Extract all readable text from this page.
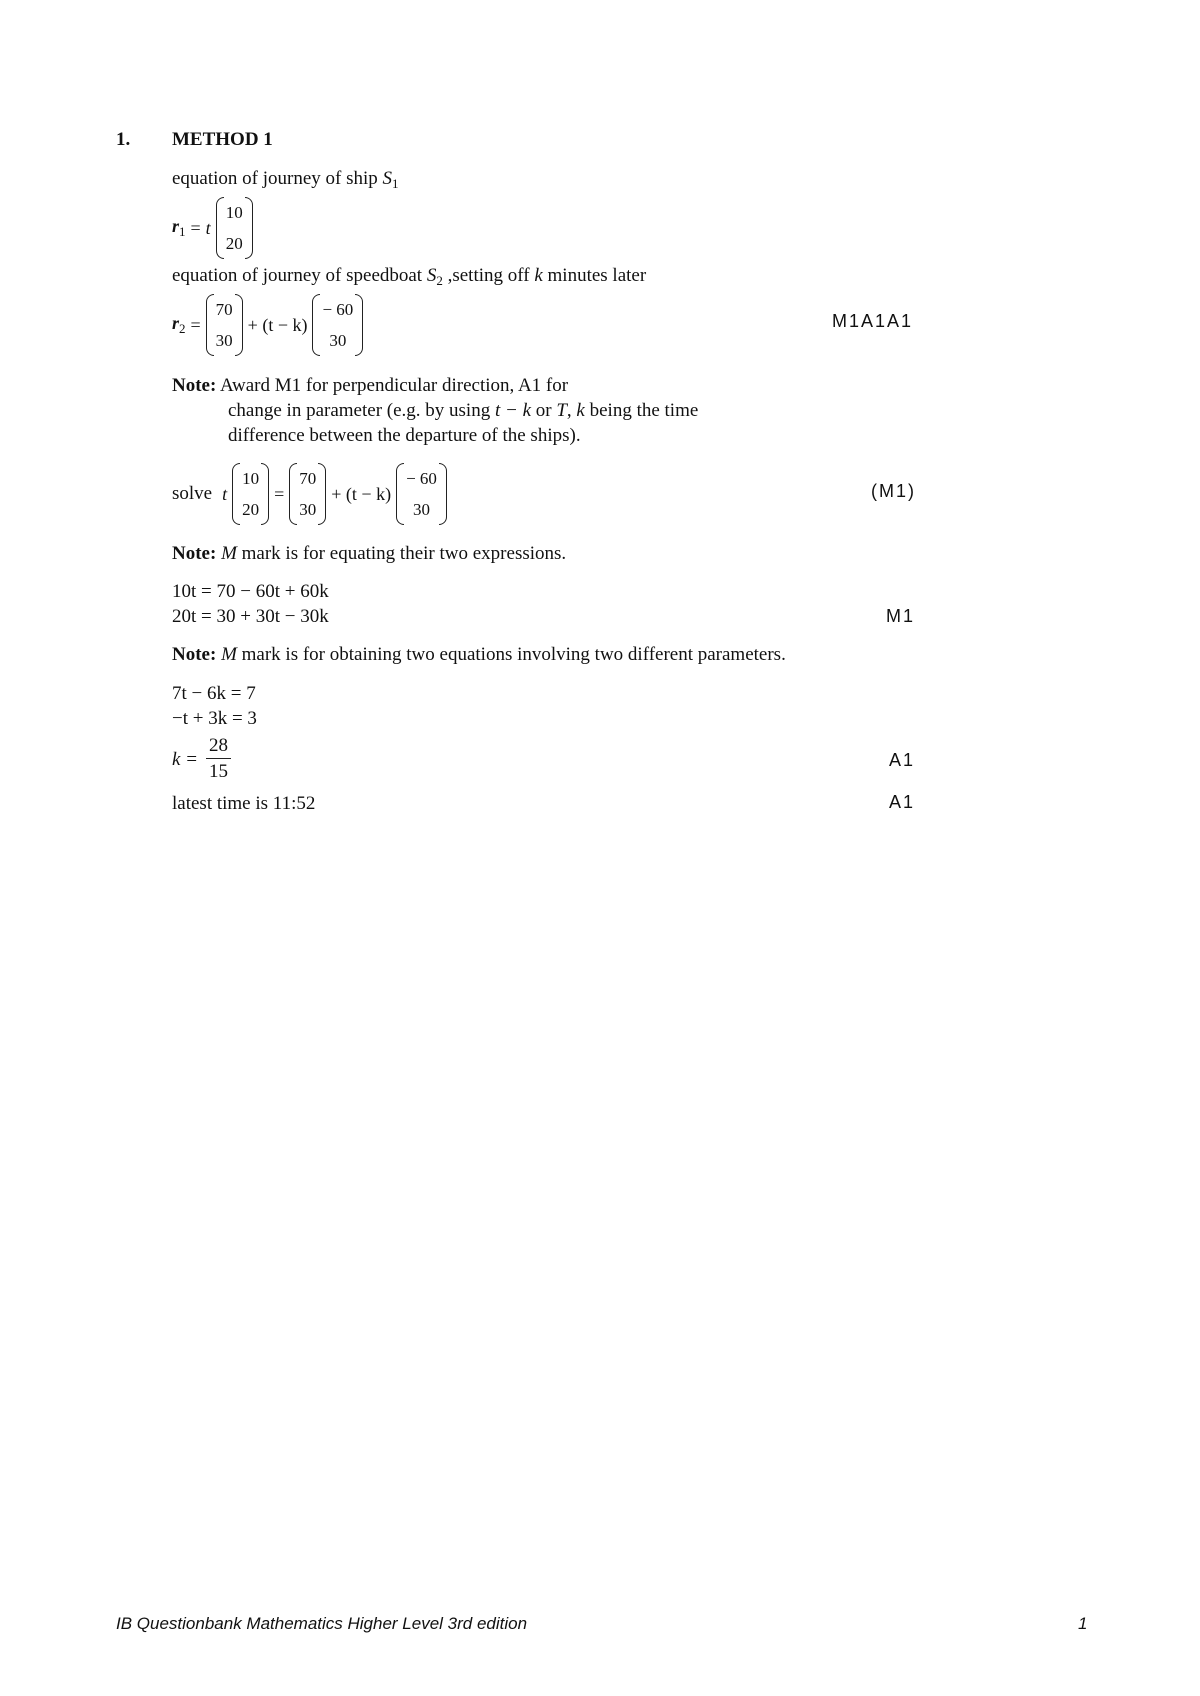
1. METHOD 1
equation of journey of ship $S_1$
$r_1 = t$
10
20
equation of journey of speedboat $S_2$ ,setting off k minutes later
$r_2$ =
70
30
+ (t − k)
− 60
30
M1A1A1
Note: Award M1 for perpendicular direction, A1 for
change in parameter (e.g. by using t − k or T, k being the time
difference between the departure of the ships).
solve t
10
20
=
70
30
+ (t − k)
− 60
30
(M1)
Note: M mark is for equating their two expressions.
10t = 70 − 60t + 60k
20t = 30 + 30t − 30k	M1
Note: M mark is for obtaining two equations involving two different parameters.
7t − 6k = 7
−t + 3k = 3
$k = \frac{28}{15}$	A1
latest time is 11:52	A1
IB Questionbank Mathematics Higher Level 3rd edition	1
